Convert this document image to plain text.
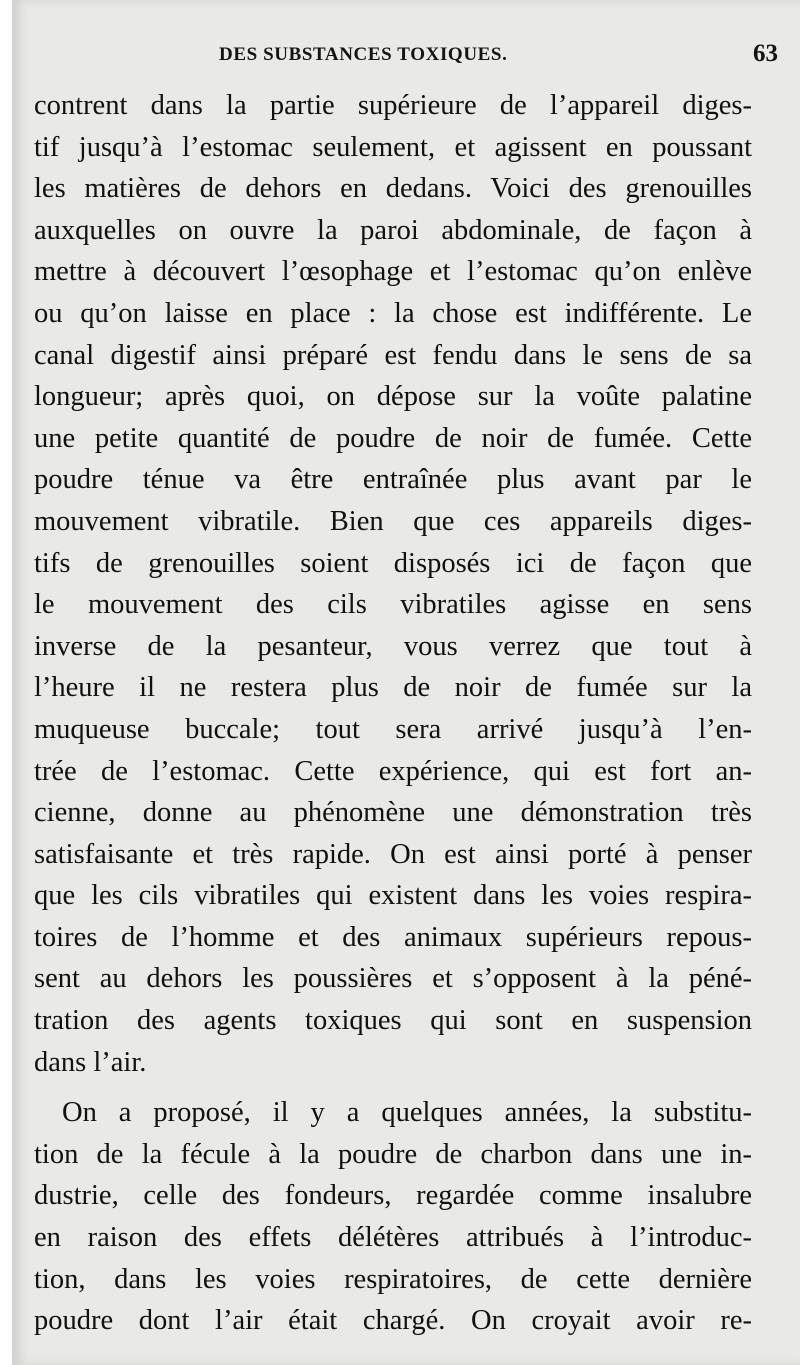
DES SUBSTANCES TOXIQUES.	63
contrent dans la partie supérieure de l’appareil diges-
tif jusqu’à l’estomac seulement, et agissent en poussant
les matières de dehors en dedans. Voici des grenouilles
auxquelles on ouvre la paroi abdominale, de façon à
mettre à découvert l’œsophage et l’estomac qu’on enlève
ou qu’on laisse en place : la chose est indifférente. Le
canal digestif ainsi préparé est fendu dans le sens de sa
longueur; après quoi, on dépose sur la voûte palatine
une petite quantité de poudre de noir de fumée. Cette
poudre ténue va être entraînée plus avant par le
mouvement vibratile. Bien que ces appareils diges-
tifs de grenouilles soient disposés ici de façon que
le mouvement des cils vibratiles agisse en sens
inverse de la pesanteur, vous verrez que tout à
l’heure il ne restera plus de noir de fumée sur la
muqueuse buccale; tout sera arrivé jusqu’à l’en-
trée de l’estomac. Cette expérience, qui est fort an-
cienne, donne au phénomène une démonstration très
satisfaisante et très rapide. On est ainsi porté à penser
que les cils vibratiles qui existent dans les voies respira-
toires de l’homme et des animaux supérieurs repous-
sent au dehors les poussières et s’opposent à la péné-
tration des agents toxiques qui sont en suspension
dans l’air.
On a proposé, il y a quelques années, la substitu-
tion de la fécule à la poudre de charbon dans une in-
dustrie, celle des fondeurs, regardée comme insalubre
en raison des effets délétères attribués à l’introduc-
tion, dans les voies respiratoires, de cette dernière
poudre dont l’air était chargé. On croyait avoir re-
